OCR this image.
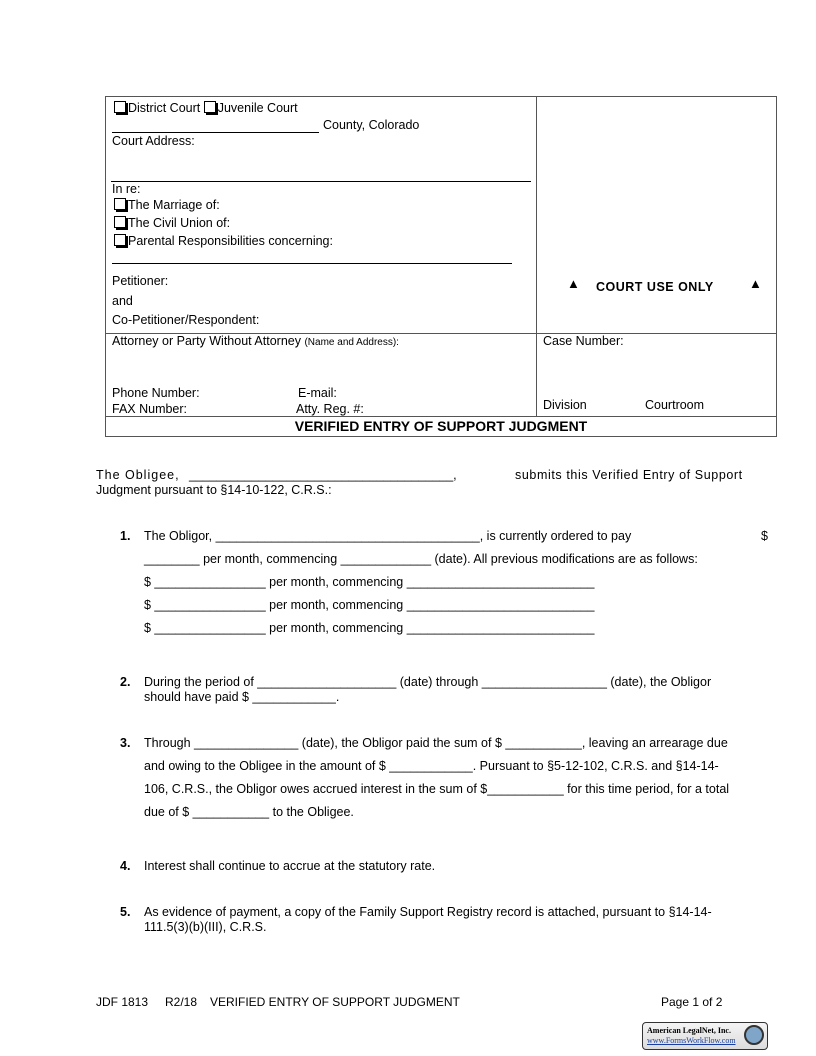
District Court Juvenile Court
County, Colorado
Court Address:
In re:
The Marriage of:
The Civil Union of:
Parental Responsibilities concerning:
Petitioner:
and
Co-Petitioner/Respondent:
▲ COURT USE ONLY	▲
Attorney or Party Without Attorney (Name and Address):
Phone Number:	E-mail:
FAX Number:	Atty. Reg. #:
Case Number:
Division	Courtroom
VERIFIED ENTRY OF SUPPORT JUDGMENT
The Obligee, ______________________________________,	submits this Verified Entry of Support
Judgment pursuant to §14-10-122, C.R.S.:
1. The Obligor, ______________________________________, is currently ordered to pay	$
________ per month, commencing _____________ (date). All previous modifications are as follows:
$ ________________ per month, commencing ___________________________
$ ________________ per month, commencing ___________________________
$ ________________ per month, commencing ___________________________
2. During the period of ____________________ (date) through __________________ (date), the Obligor
should have paid $ ____________.
3. Through _______________ (date), the Obligor paid the sum of $ ___________, leaving an arrearage due
and owing to the Obligee in the amount of $ ____________. Pursuant to §5-12-102, C.R.S. and §14-14-
106, C.R.S., the Obligor owes accrued interest in the sum of $___________ for this time period, for a total
due of $ ___________ to the Obligee.
4. Interest shall continue to accrue at the statutory rate.
5. As evidence of payment, a copy of the Family Support Registry record is attached, pursuant to §14-14-
111.5(3)(b)(III), C.R.S.
JDF 1813 R2/18 VERIFIED ENTRY OF SUPPORT JUDGMENT	Page 1 of 2
American LegalNet, Inc.
www.FormsWorkFlow.com
